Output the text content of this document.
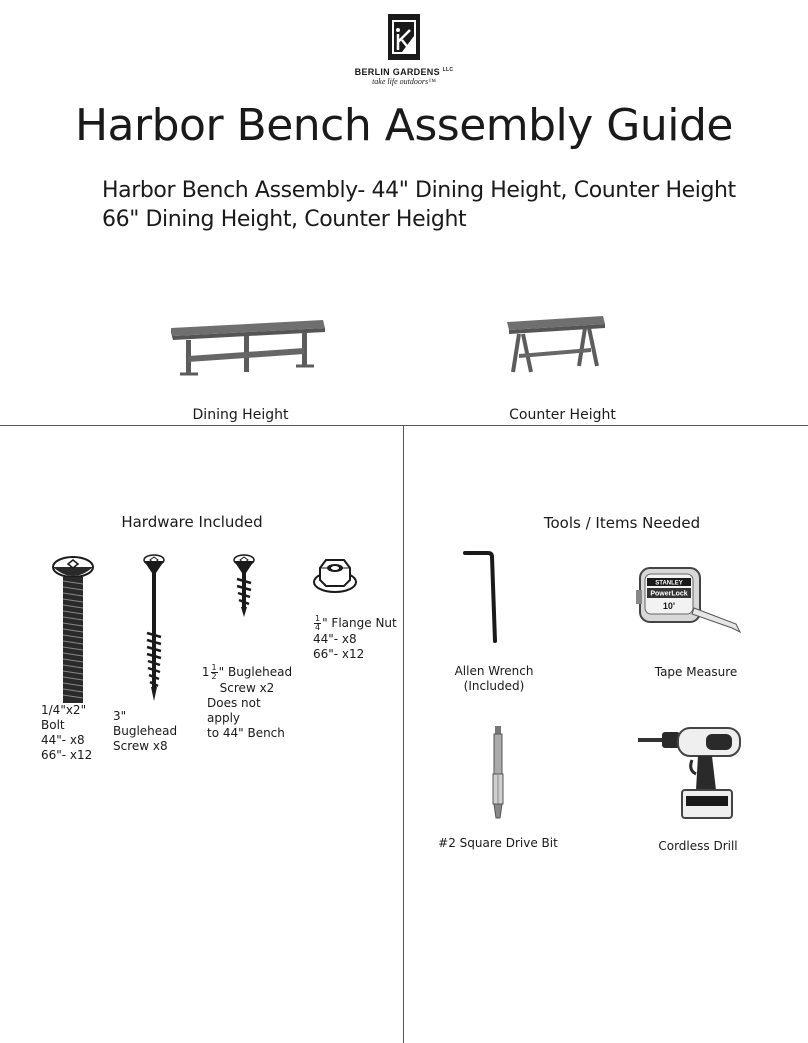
BERLIN GARDENS $^{LLC}$
take life outdoors™
Harbor Bench Assembly Guide
Harbor Bench Assembly- 44" Dining Height, Counter Height
66" Dining Height, Counter Height
Dining Height	Counter Height
Hardware Included
1/4"x2" Bolt
44"- x8
66"- x12
3" Buglehead
Screw x8
$1 \frac{1}{2}$ " Buglehead
Screw x2
Does not apply
to 44" Bench
$\frac{1}{4}$ " Flange Nut
44"- x8
66"- x12
Tools / Items Needed
Allen Wrench
(Included)
STANLEY
PowerLock
10'
Tape Measure
#2 Square Drive Bit	Cordless Drill
